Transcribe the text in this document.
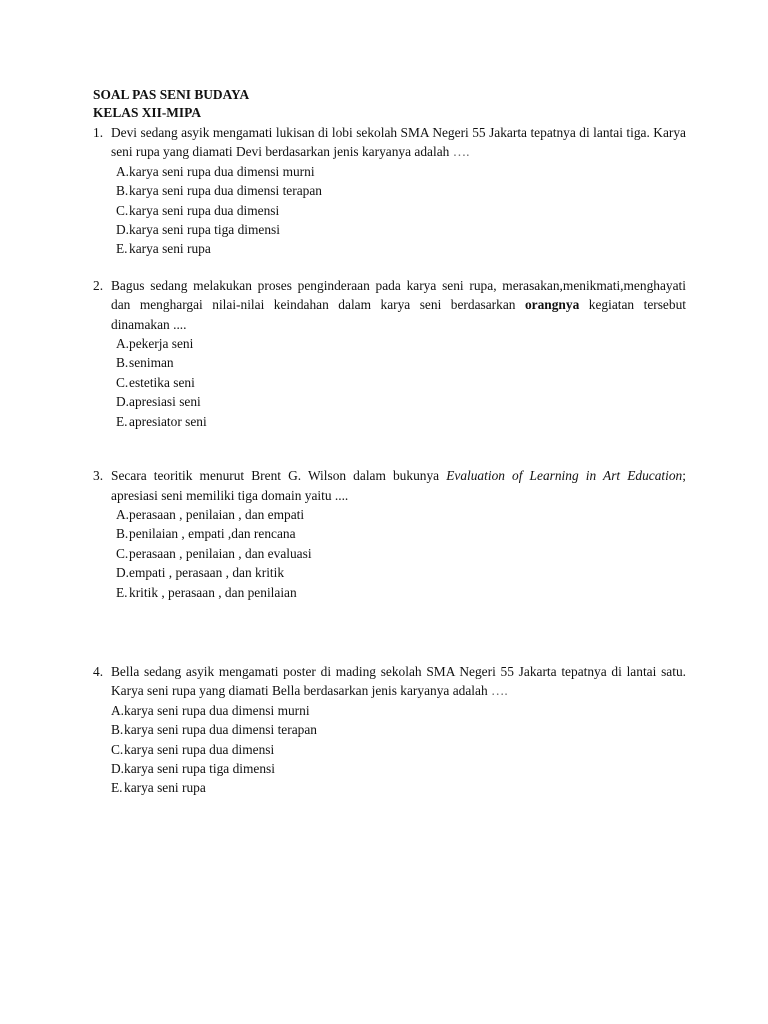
SOAL PAS SENI BUDAYA
KELAS XII-MIPA
1. Devi sedang asyik mengamati lukisan di lobi sekolah SMA Negeri 55 Jakarta tepatnya di lantai tiga. Karya seni rupa yang diamati Devi berdasarkan jenis karyanya adalah ….
A. karya seni rupa dua dimensi murni
B. karya seni rupa dua dimensi terapan
C. karya seni rupa dua dimensi
D. karya seni rupa tiga dimensi
E. karya seni rupa
2. Bagus sedang melakukan proses penginderaan pada karya seni rupa, merasakan,menikmati,menghayati dan menghargai nilai-nilai keindahan dalam karya seni berdasarkan orangnya kegiatan tersebut dinamakan ....
A. pekerja seni
B. seniman
C. estetika seni
D. apresiasi seni
E. apresiator seni
3. Secara teoritik menurut Brent G. Wilson dalam bukunya Evaluation of Learning in Art Education; apresiasi seni memiliki tiga domain yaitu ....
A. perasaan , penilaian , dan empati
B. penilaian , empati ,dan rencana
C. perasaan , penilaian , dan evaluasi
D. empati , perasaan , dan kritik
E. kritik , perasaan , dan penilaian
4. Bella sedang asyik mengamati poster di mading sekolah SMA Negeri 55 Jakarta tepatnya di lantai satu. Karya seni rupa yang diamati Bella berdasarkan jenis karyanya adalah ….
A. karya seni rupa dua dimensi murni
B. karya seni rupa dua dimensi terapan
C. karya seni rupa dua dimensi
D. karya seni rupa tiga dimensi
E. karya seni rupa
